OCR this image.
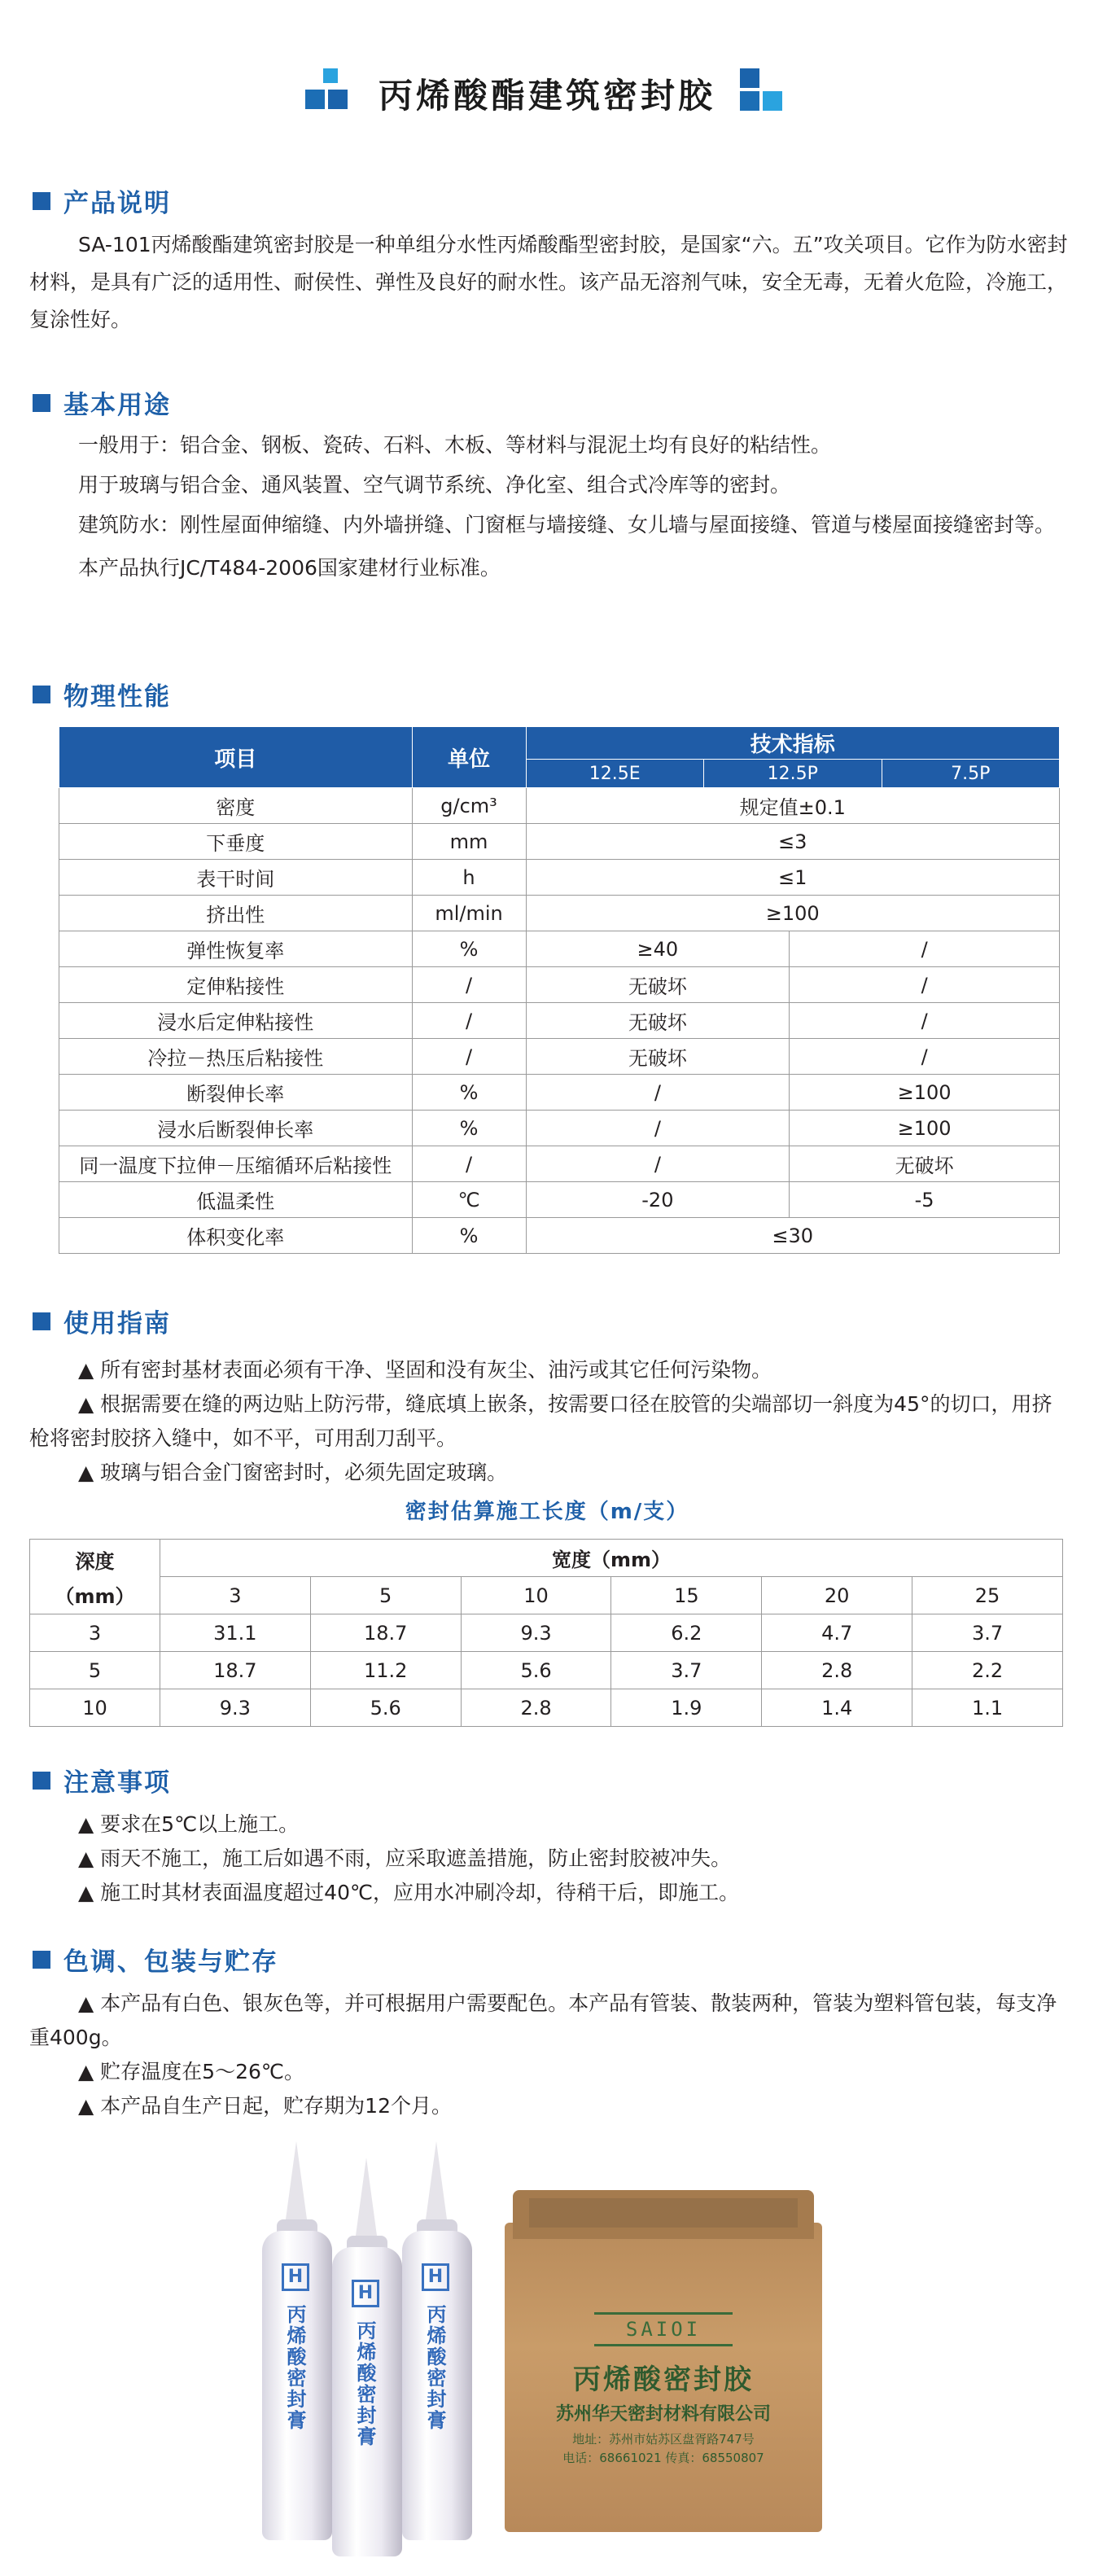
丙烯酸酯建筑密封胶
产品说明

SA-101丙烯酸酯建筑密封胶是一种单组分水性丙烯酸酯型密封胶，是国家“六。五”攻关项目。它作为防水密封材料，是具有广泛的适用性、耐侯性、弹性及良好的耐水性。该产品无溶剂气味，安全无毒，无着火危险，冷施工，复涂性好。

基本用途

一般用于：铝合金、钢板、瓷砖、石料、木板、等材料与混泥土均有良好的粘结性。

用于玻璃与铝合金、通风装置、空气调节系统、净化室、组合式冷库等的密封。

建筑防水：刚性屋面伸缩缝、内外墙拼缝、门窗框与墙接缝、女儿墙与屋面接缝、管道与楼屋面接缝密封等。

本产品执行JC/T484-2006国家建材行业标准。

物理性能
项目	单位	技术指标	

12.5E 12.5P 7.5P	

密度	g/cm³	规定值±0.1	
下垂度	mm	≤3	
表干时间	h	≤1	
挤出性	ml/min	≥100	
弹性恢复率	%	≥40	/
定伸粘接性	/	无破坏	/
浸水后定伸粘接性	/	无破坏	/
冷拉－热压后粘接性	/	无破坏	/
断裂伸长率	%	/	≥100
浸水后断裂伸长率	%	/	≥100
同一温度下拉伸－压缩循环后粘接性	/	/	无破坏
低温柔性	℃	-20	-5
体积变化率	%	≤30	
使用指南

▲ 所有密封基材表面必须有干净、坚固和没有灰尘、油污或其它任何污染物。

▲ 根据需要在缝的两边贴上防污带，缝底填上嵌条，按需要口径在胶管的尖端部切一斜度为45°的切口，用挤枪将密封胶挤入缝中，如不平，可用刮刀刮平。

▲ 玻璃与铝合金门窗密封时，必须先固定玻璃。

密封估算施工长度（m/支）
深度
（mm）	宽度（mm）					
	3	5	10	15	20	25
3	31.1	18.7	9.3	6.2	4.7	3.7
5	18.7	11.2	5.6	3.7	2.8	2.2
10	9.3	5.6	2.8	1.9	1.4	1.1
注意事项

▲ 要求在5℃以上施工。

▲ 雨天不施工，施工后如遇不雨，应采取遮盖措施，防止密封胶被冲失。

▲ 施工时其材表面温度超过40℃，应用水冲刷冷却，待稍干后，即施工。

色调、包装与贮存

▲ 本产品有白色、银灰色等，并可根据用户需要配色。本产品有管装、散装两种，管装为塑料管包装，每支净重400g。

▲ 贮存温度在5～26℃。

▲ 本产品自生产日起，贮存期为12个月。

H
丙烯酸密封膏
H
丙烯酸密封膏
H
丙烯酸密封膏	SAIOI
丙烯酸密封胶
苏州华天密封材料有限公司
地址：苏州市姑苏区盘胥路747号
电话：68661021 传真：68550807
